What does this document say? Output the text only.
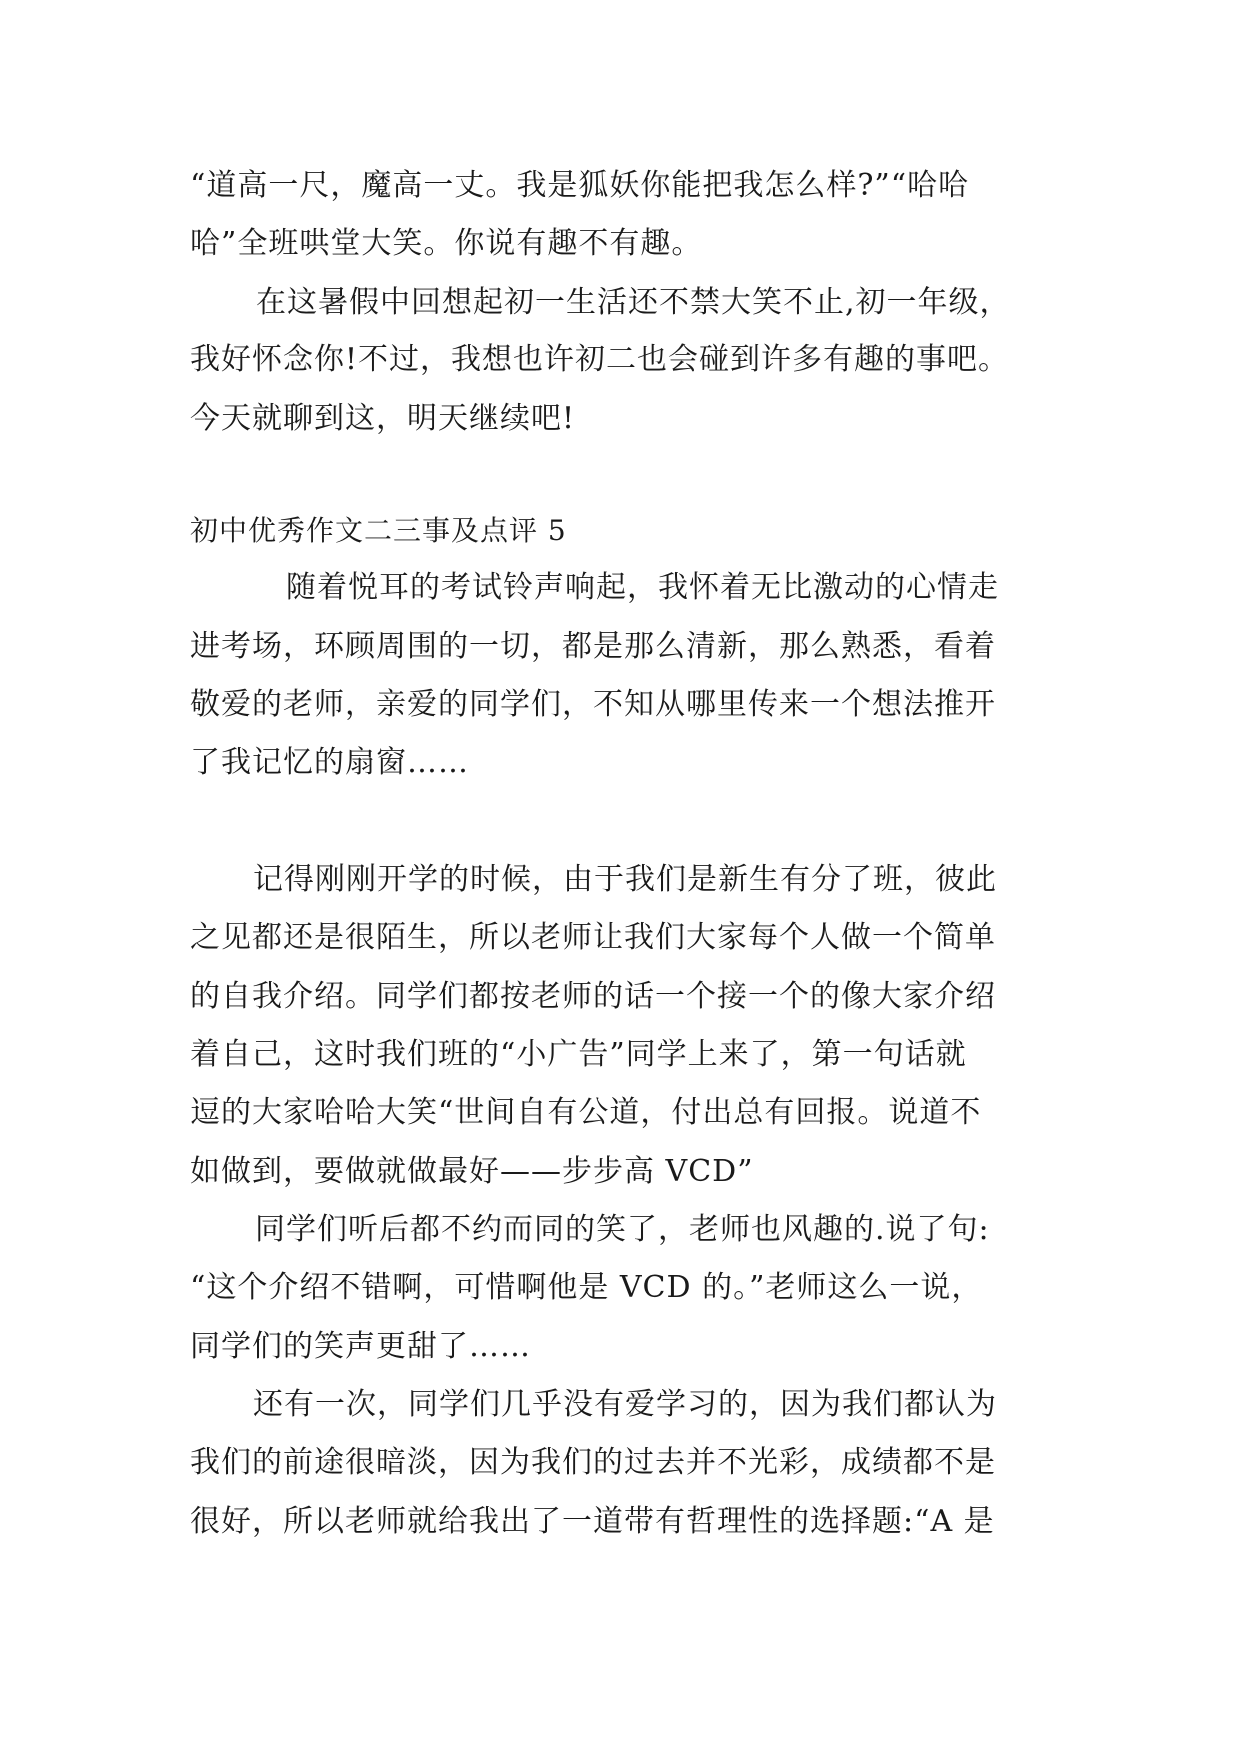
“道高一尺，魔高一丈。我是狐妖你能把我怎么样?”“哈哈
哈”全班哄堂大笑。你说有趣不有趣。
在这暑假中回想起初一生活还不禁大笑不止,初一年级，
我好怀念你!不过，我想也许初二也会碰到许多有趣的事吧。
今天就聊到这，明天继续吧!
初中优秀作文二三事及点评 5
随着悦耳的考试铃声响起，我怀着无比激动的心情走
进考场，环顾周围的一切，都是那么清新，那么熟悉，看着
敬爱的老师，亲爱的同学们，不知从哪里传来一个想法推开
了我记忆的扇窗……
记得刚刚开学的时候，由于我们是新生有分了班，彼此
之见都还是很陌生，所以老师让我们大家每个人做一个简单
的自我介绍。同学们都按老师的话一个接一个的像大家介绍
着自己，这时我们班的“小广告”同学上来了，第一句话就
逗的大家哈哈大笑“世间自有公道，付出总有回报。说道不
如做到，要做就做最好——步步高 VCD”
同学们听后都不约而同的笑了，老师也风趣的.说了句:
“这个介绍不错啊，可惜啊他是 VCD 的。”老师这么一说，
同学们的笑声更甜了……
还有一次，同学们几乎没有爱学习的，因为我们都认为
我们的前途很暗淡，因为我们的过去并不光彩，成绩都不是
很好，所以老师就给我出了一道带有哲理性的选择题:“A 是
